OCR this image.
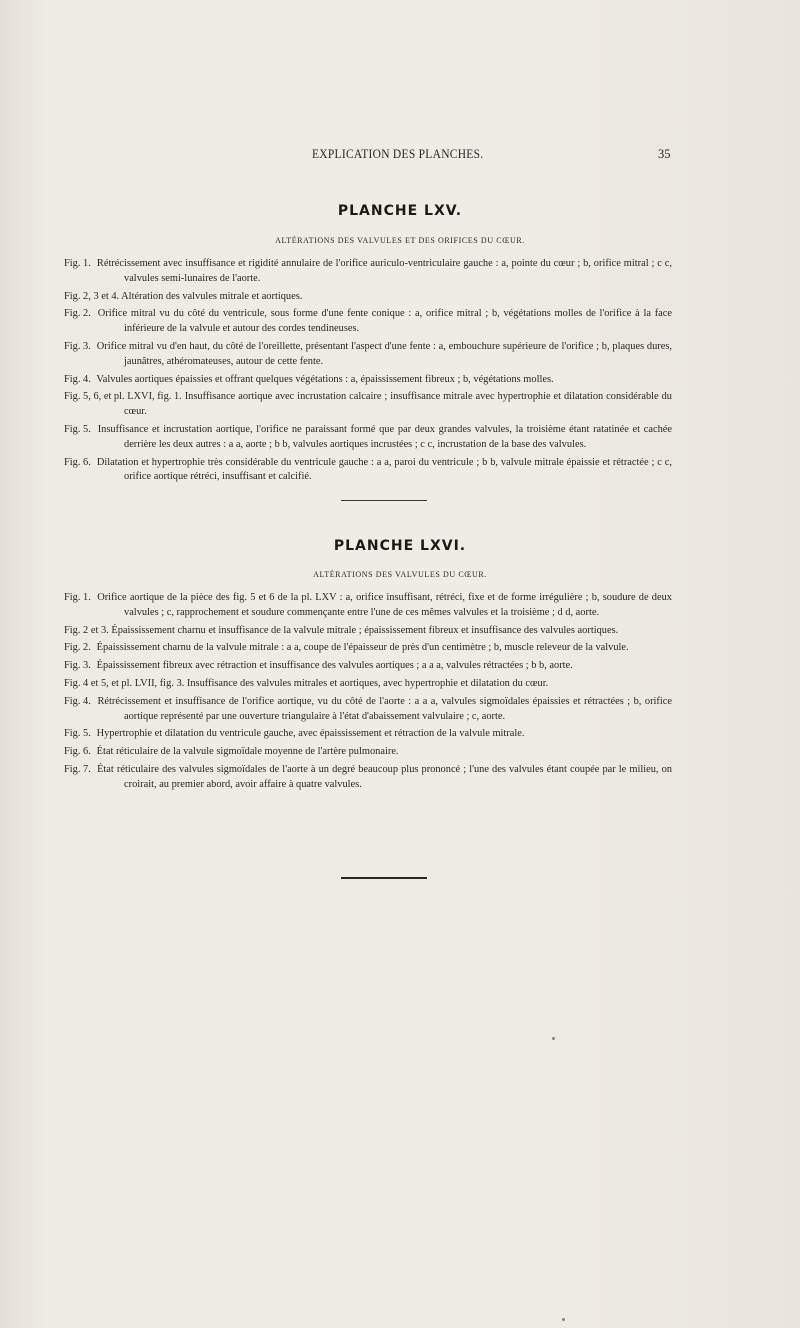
EXPLICATION DES PLANCHES.	35
PLANCHE LXV.
ALTÉRATIONS DES VALVULES ET DES ORIFICES DU CŒUR.

Fig. 1. Rétrécissement avec insuffisance et rigidité annulaire de l'orifice auriculo-ventriculaire gauche : a, pointe du cœur ; b, orifice mitral ; c c, valvules semi-lunaires de l'aorte.

Fig. 2, 3 et 4. Altération des valvules mitrale et aortiques.

Fig. 2. Orifice mitral vu du côté du ventricule, sous forme d'une fente conique : a, orifice mitral ; b, végétations molles de l'orifice à la face inférieure de la valvule et autour des cordes tendineuses.

Fig. 3. Orifice mitral vu d'en haut, du côté de l'oreillette, présentant l'aspect d'une fente : a, embouchure supérieure de l'orifice ; b, plaques dures, jaunâtres, athéromateuses, autour de cette fente.

Fig. 4. Valvules aortiques épaissies et offrant quelques végétations : a, épaississement fibreux ; b, végétations molles.

Fig. 5, 6, et pl. LXVI, fig. 1. Insuffisance aortique avec incrustation calcaire ; insuffisance mitrale avec hypertrophie et dilatation considérable du cœur.

Fig. 5. Insuffisance et incrustation aortique, l'orifice ne paraissant formé que par deux grandes valvules, la troisième étant ratatinée et cachée derrière les deux autres : a a, aorte ; b b, valvules aortiques incrustées ; c c, incrustation de la base des valvules.

Fig. 6. Dilatation et hypertrophie très considérable du ventricule gauche : a a, paroi du ventricule ; b b, valvule mitrale épaissie et rétractée ; c c, orifice aortique rétréci, insuffisant et calcifié.

PLANCHE LXVI.
ALTÉRATIONS DES VALVULES DU CŒUR.

Fig. 1. Orifice aortique de la pièce des fig. 5 et 6 de la pl. LXV : a, orifice insuffisant, rétréci, fixe et de forme irrégulière ; b, soudure de deux valvules ; c, rapprochement et soudure commençante entre l'une de ces mêmes valvules et la troisième ; d d, aorte.

Fig. 2 et 3. Épaississement charnu et insuffisance de la valvule mitrale ; épaississement fibreux et insuffisance des valvules aortiques.

Fig. 2. Épaississement charnu de la valvule mitrale : a a, coupe de l'épaisseur de près d'un centimètre ; b, muscle releveur de la valvule.

Fig. 3. Épaississement fibreux avec rétraction et insuffisance des valvules aortiques ; a a a, valvules rétractées ; b b, aorte.

Fig. 4 et 5, et pl. LVII, fig. 3. Insuffisance des valvules mitrales et aortiques, avec hypertrophie et dilatation du cœur.

Fig. 4. Rétrécissement et insuffisance de l'orifice aortique, vu du côté de l'aorte : a a a, valvules sigmoïdales épaissies et rétractées ; b, orifice aortique représenté par une ouverture triangulaire à l'état d'abaissement valvulaire ; c, aorte.

Fig. 5. Hypertrophie et dilatation du ventricule gauche, avec épaississement et rétraction de la valvule mitrale.

Fig. 6. État réticulaire de la valvule sigmoïdale moyenne de l'artère pulmonaire.

Fig. 7. État réticulaire des valvules sigmoïdales de l'aorte à un degré beaucoup plus prononcé ; l'une des valvules étant coupée par le milieu, on croirait, au premier abord, avoir affaire à quatre valvules.
